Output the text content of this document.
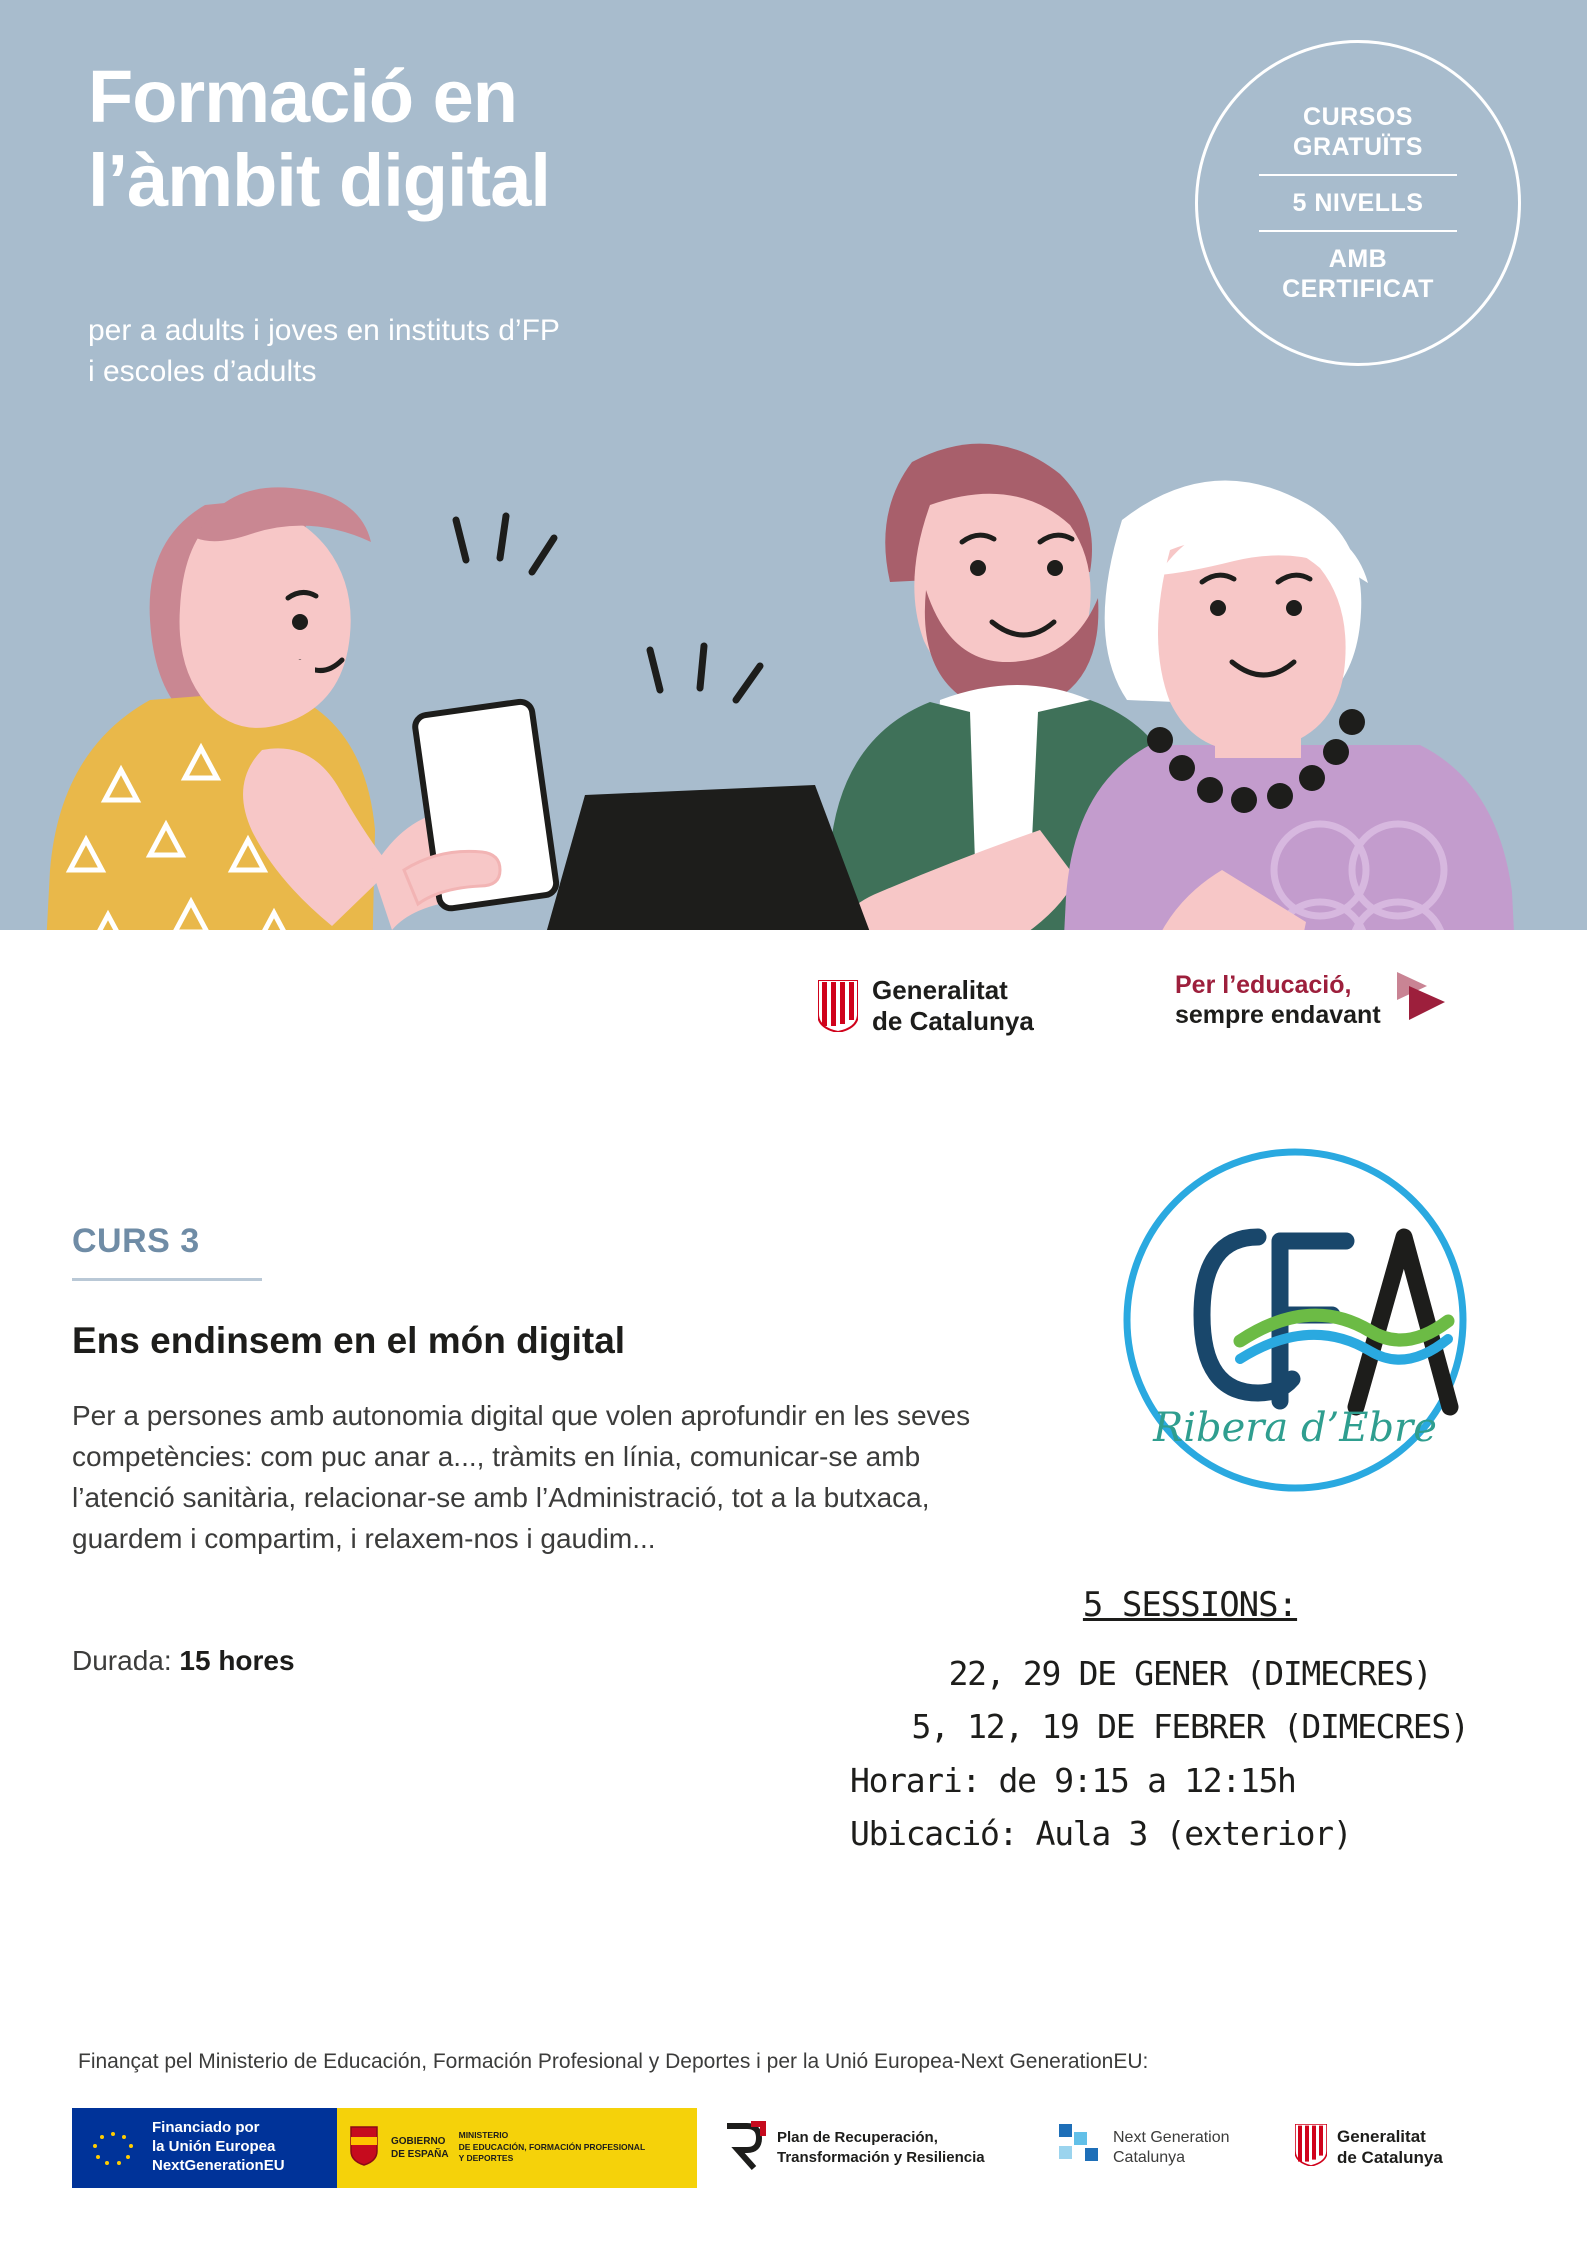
Formació en
l’àmbit digital
per a adults i joves en instituts d’FP
i escoles d’adults
CURSOS GRATUÏTS
5 NIVELLS
AMB CERTIFICAT
Generalitat
de Catalunya
Per l’educació,
sempre endavant
CURS 3
Ens endinsem en el món digital
Per a persones amb autonomia digital que volen aprofundir en les seves competències: com puc anar a..., tràmits en línia, comunicar-se amb l’atenció sanitària, relacionar-se amb l’Administració, tot a la butxaca, guardem i compartim, i relaxem-nos i gaudim...
Durada: 15 hores
Ribera d’Ebre
5 SESSIONS:
22, 29 DE GENER (DIMECRES)
5, 12, 19 DE FEBRER (DIMECRES)
Horari: de 9:15 a 12:15h
Ubicació: Aula 3 (exterior)
Finançat pel Ministerio de Educación, Formación Profesional y Deportes i per la Unió Europea-Next GenerationEU:
Financiado por
la Unión Europea
NextGenerationEU
GOBIERNO
DE ESPAÑA
MINISTERIO
DE EDUCACIÓN, FORMACIÓN PROFESIONAL
Y DEPORTES
Plan de Recuperación,
Transformación y Resiliencia
Next Generation
Catalunya
Generalitat
de Catalunya
